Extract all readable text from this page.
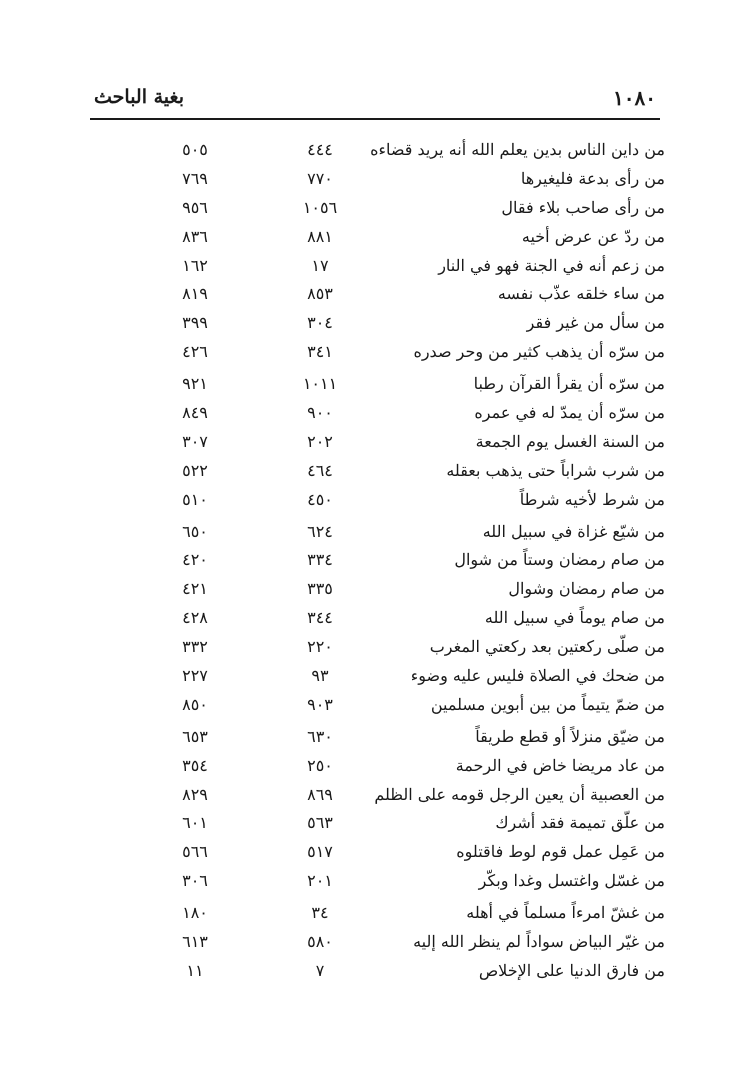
١٠٨٠
بغية الباحث
من داين الناس بدين يعلم الله أنه يريد قضاءه
٤٤٤
٥٠٥
من رأى بدعة فليغيرها
٧٧٠
٧٦٩
من رأى صاحب بلاء فقال
١٠٥٦
٩٥٦
من ردّ عن عرض أخيه
٨٨١
٨٣٦
من زعم أنه في الجنة فهو في النار
١٧
١٦٢
من ساء خلقه عذّب نفسه
٨٥٣
٨١٩
من سأل من غير فقر
٣٠٤
٣٩٩
من سرّه أن يذهب كثير من وحر صدره
٣٤١
٤٢٦
من سرّه أن يقرأ القرآن رطبا
١٠١١
٩٢١
من سرّه أن يمدّ له في عمره
٩٠٠
٨٤٩
من السنة الغسل يوم الجمعة
٢٠٢
٣٠٧
من شرب شراباً حتى يذهب بعقله
٤٦٤
٥٢٢
من شرط لأخيه شرطاً
٤٥٠
٥١٠
من شيّع غزاة في سبيل الله
٦٢٤
٦٥٠
من صام رمضان وستاً من شوال
٣٣٤
٤٢٠
من صام رمضان وشوال
٣٣٥
٤٢١
من صام يوماً في سبيل الله
٣٤٤
٤٢٨
من صلّى ركعتين بعد ركعتي المغرب
٢٢٠
٣٣٢
من ضحك في الصلاة فليس عليه وضوء
٩٣
٢٢٧
من ضمّ يتيماً من بين أبوين مسلمين
٩٠٣
٨٥٠
من ضيّق منزلاً أو قطع طريقاً
٦٣٠
٦٥٣
من عاد مريضا خاض في الرحمة
٢٥٠
٣٥٤
من العصبية أن يعين الرجل قومه على الظلم
٨٦٩
٨٢٩
من علّق تميمة فقد أشرك
٥٦٣
٦٠١
من عَمِل عمل قوم لوط فاقتلوه
٥١٧
٥٦٦
من غسّل واغتسل وغدا وبكّر
٢٠١
٣٠٦
من غشّ امرءاً مسلماً في أهله
٣٤
١٨٠
من غيّر البياض سواداً لم ينظر الله إليه
٥٨٠
٦١٣
من فارق الدنيا على الإخلاص
٧
١١
